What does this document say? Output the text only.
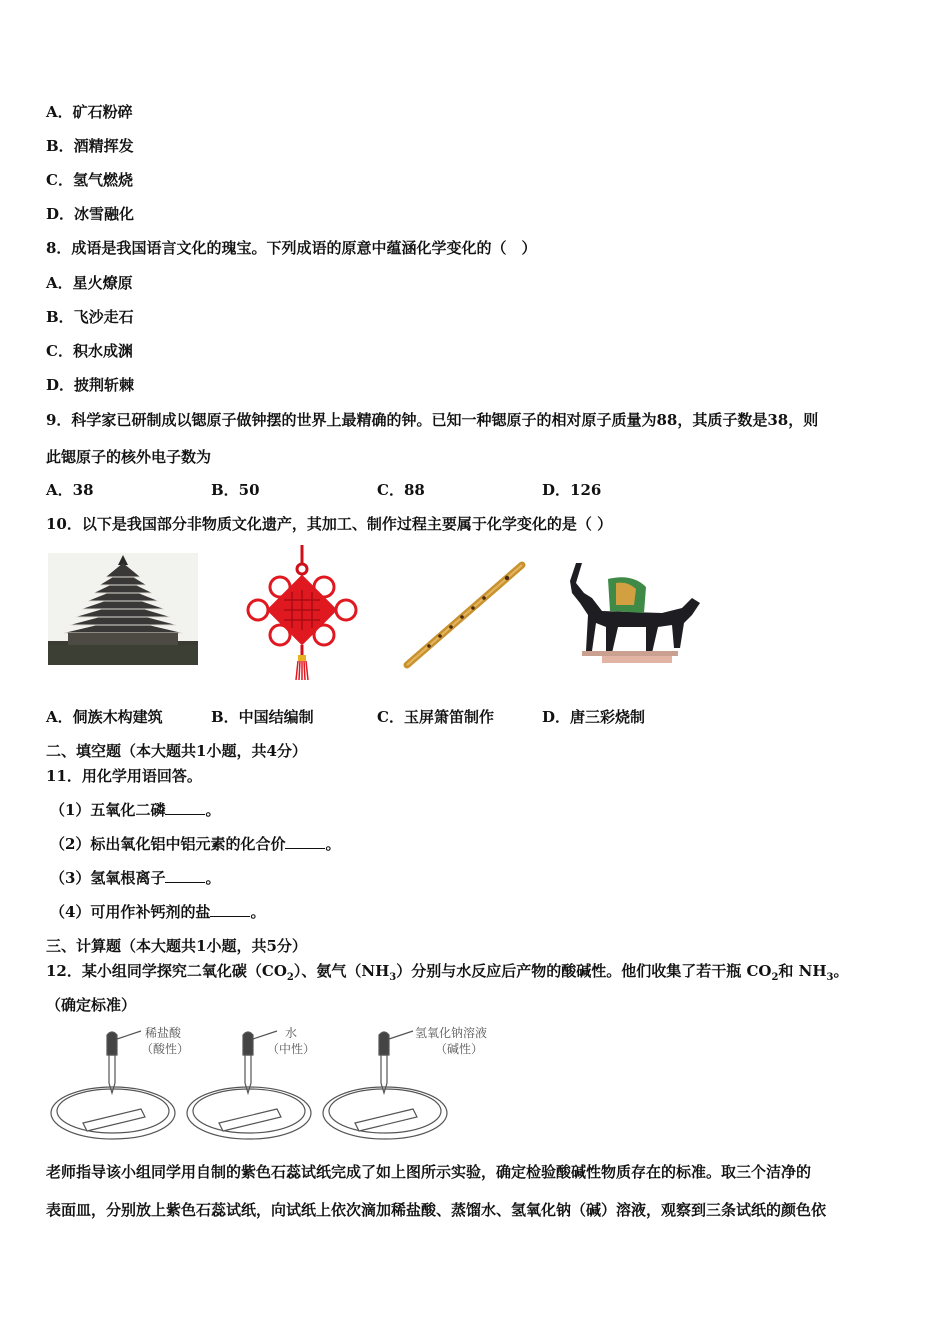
A．矿石粉碎
B．酒精挥发
C．氢气燃烧
D．冰雪融化
8．成语是我国语言文化的瑰宝。下列成语的原意中蕴涵化学变化的（　）
A．星火燎原
B．飞沙走石
C．积水成渊
D．披荆斩棘
9．科学家已研制成以锶原子做钟摆的世界上最精确的钟。已知一种锶原子的相对原子质量为88，其质子数是38，则
此锶原子的核外电子数为
A．38	B．50	C．88	D．126
10．以下是我国部分非物质文化遗产，其加工、制作过程主要属于化学变化的是（ ）
A．侗族木构建筑	B．中国结编制	C．玉屏箫笛制作	D．唐三彩烧制
二、填空题（本大题共1小题，共4分）
11．用化学用语回答。
（1）五氧化二磷	。
（2）标出氧化铝中铝元素的化合价	。
（3）氢氧根离子	。
（4）可用作补钙剂的盐	。
三、计算题（本大题共1小题，共5分）
12．某小组同学探究二氧化碳$(CO_2)$、氨气$(NH_3)$分别与水反应后产物的酸碱性。他们收集了若干瓶 $CO_2$和 $NH_3$。
（确定标准）
稀盐酸
（酸性）
水
（中性）
氢氧化钠溶液
（碱性）
老师指导该小组同学用自制的紫色石蕊试纸完成了如上图所示实验，确定检验酸碱性物质存在的标准。取三个洁净的
表面皿，分别放上紫色石蕊试纸，向试纸上依次滴加稀盐酸、蒸馏水、氢氧化钠（碱）溶液，观察到三条试纸的颜色依
